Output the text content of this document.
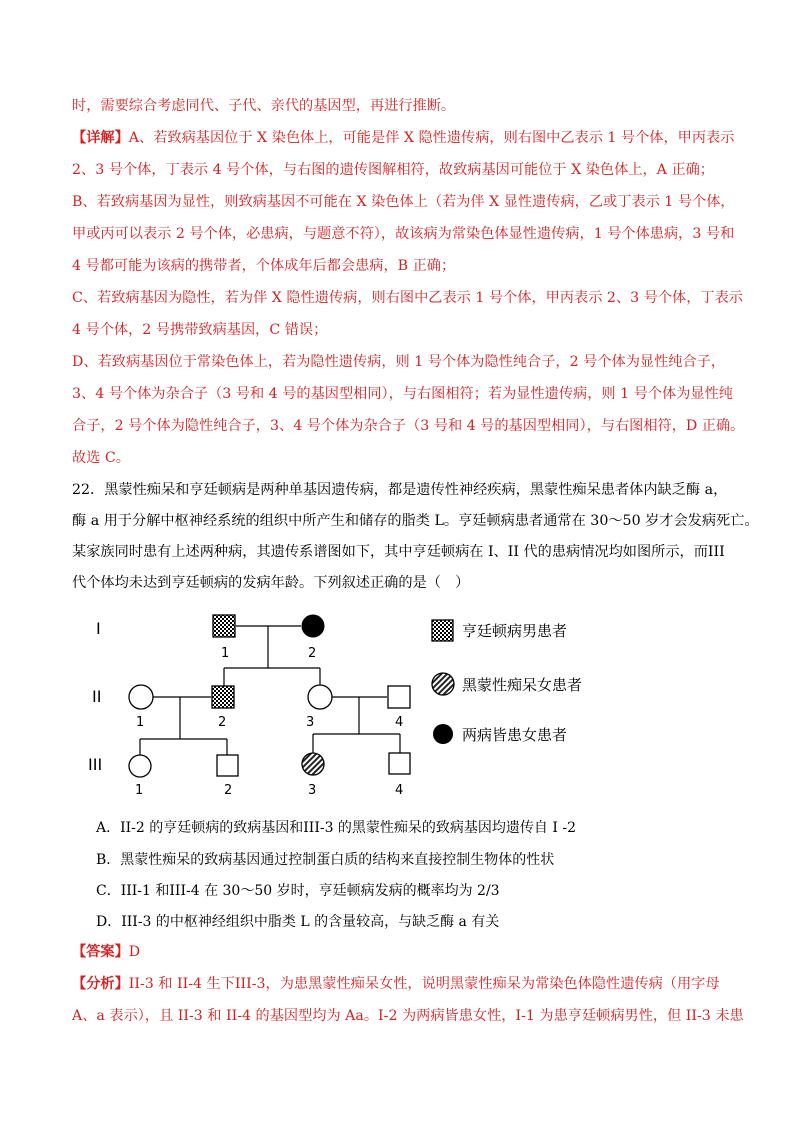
时，需要综合考虑同代、子代、亲代的基因型，再进行推断。
【详解】A、若致病基因位于 X 染色体上，可能是伴 X 隐性遗传病，则右图中乙表示 1 号个体，甲丙表示
2、3 号个体，丁表示 4 号个体，与右图的遗传图解相符，故致病基因可能位于 X 染色体上，A 正确；
B、若致病基因为显性，则致病基因不可能在 X 染色体上（若为伴 X 显性遗传病，乙或丁表示 1 号个体，
甲或丙可以表示 2 号个体，必患病，与题意不符），故该病为常染色体显性遗传病，1 号个体患病，3 号和
4 号都可能为该病的携带者，个体成年后都会患病，B 正确；
C、若致病基因为隐性，若为伴 X 隐性遗传病，则右图中乙表示 1 号个体，甲丙表示 2、3 号个体，丁表示
4 号个体，2 号携带致病基因，C 错误；
D、若致病基因位于常染色体上，若为隐性遗传病，则 1 号个体为隐性纯合子，2 号个体为显性纯合子，
3、4 号个体为杂合子（3 号和 4 号的基因型相同），与右图相符；若为显性遗传病，则 1 号个体为显性纯
合子，2 号个体为隐性纯合子，3、4 号个体为杂合子（3 号和 4 号的基因型相同），与右图相符，D 正确。
故选 C。
22．黑蒙性痴呆和亨廷顿病是两种单基因遗传病，都是遗传性神经疾病，黑蒙性痴呆患者体内缺乏酶 a，
酶 a 用于分解中枢神经系统的组织中所产生和储存的脂类 L。亨廷顿病患者通常在 30～50 岁才会发病死亡。
某家族同时患有上述两种病，其遗传系谱图如下，其中亨廷顿病在 I、II 代的患病情况均如图所示，而III
代个体均未达到亨廷顿病的发病年龄。下列叙述正确的是（　）
I
II
III
1	2
1	2	3	4
1	2	3	4
亨廷顿病男患者
黑蒙性痴呆女患者
两病皆患女患者
A．II-2 的亨廷顿病的致病基因和III-3 的黑蒙性痴呆的致病基因均遗传自 I -2
B．黑蒙性痴呆的致病基因通过控制蛋白质的结构来直接控制生物体的性状
C．III-1 和III-4 在 30～50 岁时，亨廷顿病发病的概率均为 2/3
D．III-3 的中枢神经组织中脂类 L 的含量较高，与缺乏酶 a 有关
【答案】D
【分析】II-3 和 II-4 生下III-3，为患黑蒙性痴呆女性，说明黑蒙性痴呆为常染色体隐性遗传病（用字母
A、a 表示），且 II-3 和 II-4 的基因型均为 Aa。I-2 为两病皆患女性，I-1 为患亨廷顿病男性，但 II-3 未患
